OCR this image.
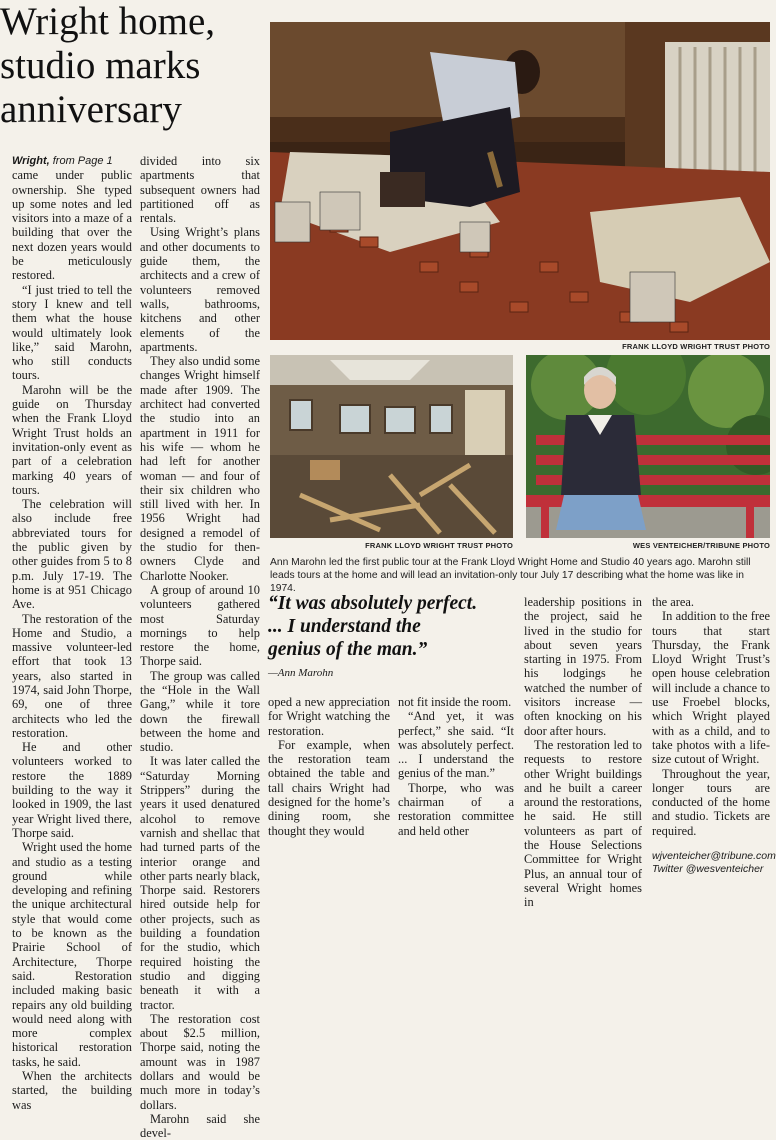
Wright home, studio marks anniversary

Wright, from Page 1

came under public ownership. She typed up some notes and led visitors into a maze of a building that over the next dozen years would be meticulously restored.

“I just tried to tell the story I knew and tell them what the house would ultimately look like,” said Marohn, who still conducts tours.

Marohn will be the guide on Thursday when the Frank Lloyd Wright Trust holds an invitation-only event as part of a celebration marking 40 years of tours.

The celebration will also include free abbreviated tours for the public given by other guides from 5 to 8 p.m. July 17-19. The home is at 951 Chicago Ave.

The restoration of the Home and Studio, a massive volunteer-led effort that took 13 years, also started in 1974, said John Thorpe, 69, one of three architects who led the restoration.

He and other volunteers worked to restore the 1889 building to the way it looked in 1909, the last year Wright lived there, Thorpe said.

Wright used the home and studio as a testing ground while developing and refining the unique architectural style that would come to be known as the Prairie School of Architecture, Thorpe said. Restoration included making basic repairs any old building would need along with more complex historical restoration tasks, he said.

When the architects started, the building was

divided into six apartments that subsequent owners had partitioned off as rentals.

Using Wright’s plans and other documents to guide them, the architects and a crew of volunteers removed walls, bathrooms, kitchens and other elements of the apartments.

They also undid some changes Wright himself made after 1909. The architect had converted the studio into an apartment in 1911 for his wife — whom he had left for another woman — and four of their six children who still lived with her. In 1956 Wright had designed a remodel of the studio for then-owners Clyde and Charlotte Nooker.

A group of around 10 volunteers gathered most Saturday mornings to help restore the home, Thorpe said.

The group was called the “Hole in the Wall Gang,” while it tore down the firewall between the home and studio.

It was later called the “Saturday Morning Strippers” during the years it used denatured alcohol to remove varnish and shellac that had turned parts of the interior orange and other parts nearly black, Thorpe said. Restorers hired outside help for other projects, such as building a foundation for the studio, which required hoisting the studio and digging beneath it with a tractor.

The restoration cost about $2.5 million, Thorpe said, noting the amount was in 1987 dollars and would be much more in today’s dollars.

Marohn said she devel-

FRANK LLOYD WRIGHT TRUST PHOTO
FRANK LLOYD WRIGHT TRUST PHOTO	WES VENTEICHER/TRIBUNE PHOTO
Ann Marohn led the first public tour at the Frank Lloyd Wright Home and Studio 40 years ago. Marohn still leads tours at the home and will lead an invitation-only tour July 17 describing what the home was like in 1974.
“It was absolutely perfect. ... I understand the genius of the man.”
—Ann Marohn

oped a new appreciation for Wright watching the restoration.

For example, when the restoration team obtained the table and tall chairs Wright had designed for the home’s dining room, she thought they would

not fit inside the room.

“And yet, it was perfect,” she said. “It was absolutely perfect. ... I understand the genius of the man.”

Thorpe, who was chairman of a restoration committee and held other

leadership positions in the project, said he lived in the studio for about seven years starting in 1975. From his lodgings he watched the number of visitors increase — often knocking on his door after hours.

The restoration led to requests to restore other Wright buildings and he built a career around the restorations, he said. He still volunteers as part of the House Selections Committee for Wright Plus, an annual tour of several Wright homes in

the area.

In addition to the free tours that start Thursday, the Frank Lloyd Wright Trust’s open house celebration will include a chance to use Froebel blocks, which Wright played with as a child, and to take photos with a life-size cutout of Wright.

Throughout the year, longer tours are conducted of the home and studio. Tickets are required.

wjventeicher@tribune.com

Twitter @wesventeicher
